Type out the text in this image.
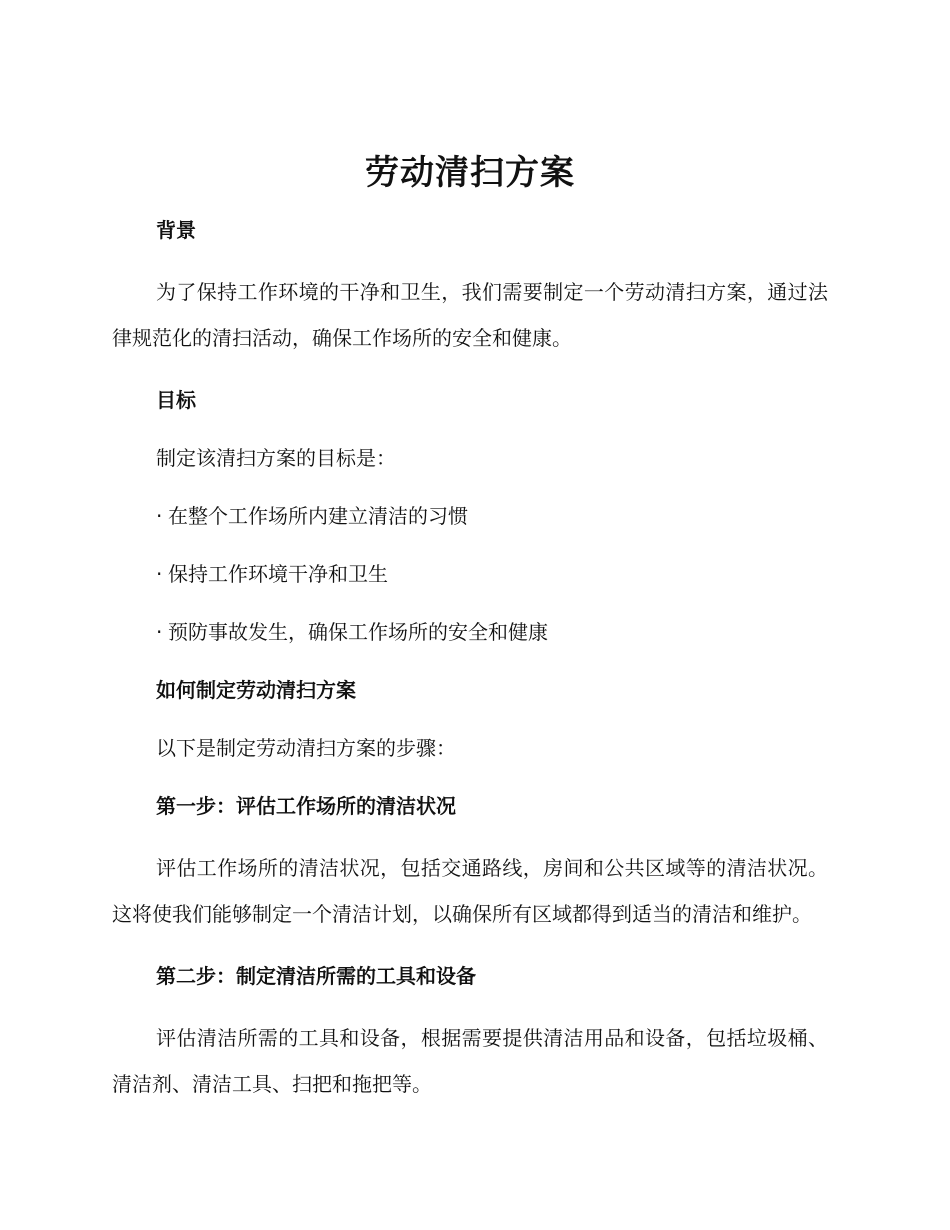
劳动清扫方案
背景

为了保持工作环境的干净和卫生，我们需要制定一个劳动清扫方案，通过法律规范化的清扫活动，确保工作场所的安全和健康。

目标
制定该清扫方案的目标是：
· 在整个工作场所内建立清洁的习惯
· 保持工作环境干净和卫生
· 预防事故发生，确保工作场所的安全和健康
如何制定劳动清扫方案
以下是制定劳动清扫方案的步骤：
第一步：评估工作场所的清洁状况

评估工作场所的清洁状况，包括交通路线，房间和公共区域等的清洁状况。这将使我们能够制定一个清洁计划，以确保所有区域都得到适当的清洁和维护。

第二步：制定清洁所需的工具和设备

评估清洁所需的工具和设备，根据需要提供清洁用品和设备，包括垃圾桶、清洁剂、清洁工具、扫把和拖把等。
